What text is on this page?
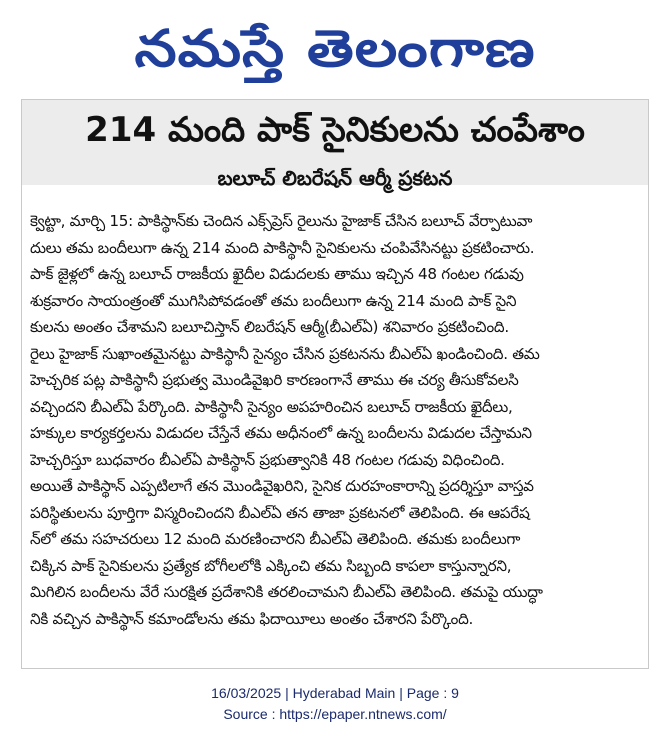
నమస్తే తెలంగాణ
214 మంది పాక్ సైనికులను చంపేశాం
బలూచ్ లిబరేషన్ ఆర్మీ ప్రకటన

క్వెట్టా, మార్చి 15: పాకిస్థాన్‌కు చెందిన ఎక్స్‌ప్రెస్ రైలును హైజాక్ చేసిన బలూచ్ వేర్పాటువా

దులు తమ బందీలుగా ఉన్న 214 మంది పాకిస్థానీ సైనికులను చంపివేసినట్టు ప్రకటించారు.

పాక్ జైళ్లలో ఉన్న బలూచ్ రాజకీయ ఖైదీల విడుదలకు తాము ఇచ్చిన 48 గంటల గడువు

శుక్రవారం సాయంత్రంతో ముగిసిపోవడంతో తమ బందీలుగా ఉన్న 214 మంది పాక్ సైని

కులను అంతం చేశామని బలూచిస్తాన్ లిబరేషన్ ఆర్మీ(బీఎల్‌ఏ) శనివారం ప్రకటించింది.

రైలు హైజాక్ సుఖాంతమైనట్టు పాకిస్థానీ సైన్యం చేసిన ప్రకటనను బీఎల్‌ఏ ఖండించింది. తమ

హెచ్చరిక పట్ల పాకిస్థానీ ప్రభుత్వ మొండివైఖరి కారణంగానే తాము ఈ చర్య తీసుకోవలసి

వచ్చిందని బీఎల్‌ఏ పేర్కొంది. పాకిస్థానీ సైన్యం అపహరించిన బలూచ్ రాజకీయ ఖైదీలు,

హక్కుల కార్యకర్తలను విడుదల చేస్తేనే తమ అధీనంలో ఉన్న బందీలను విడుదల చేస్తామని

హెచ్చరిస్తూ బుధవారం బీఎల్‌ఏ పాకిస్థాన్ ప్రభుత్వానికి 48 గంటల గడువు విధించింది.

అయితే పాకిస్థాన్ ఎప్పటిలాగే తన మొండివైఖరిని, సైనిక దురహంకారాన్ని ప్రదర్శిస్తూ వాస్తవ

పరిస్థితులను పూర్తిగా విస్మరించిందని బీఎల్‌ఏ తన తాజా ప్రకటనలో తెలిపింది. ఈ ఆపరేష

న్‌లో తమ సహచరులు 12 మంది మరణించారని బీఎల్‌ఏ తెలిపింది. తమకు బందీలుగా

చిక్కిన పాక్ సైనికులను ప్రత్యేక బోగీలలోకి ఎక్కించి తమ సిబ్బంది కాపలా కాస్తున్నారని,

మిగిలిన బందీలను వేరే సురక్షిత ప్రదేశానికి తరలించామని బీఎల్‌ఏ తెలిపింది. తమపై యుద్ధా

నికి వచ్చిన పాకిస్థాన్ కమాండోలను తమ ఫిదాయీలు అంతం చేశారని పేర్కొంది.

16/03/2025 | Hyderabad Main | Page : 9
Source : https://epaper.ntnews.com/
